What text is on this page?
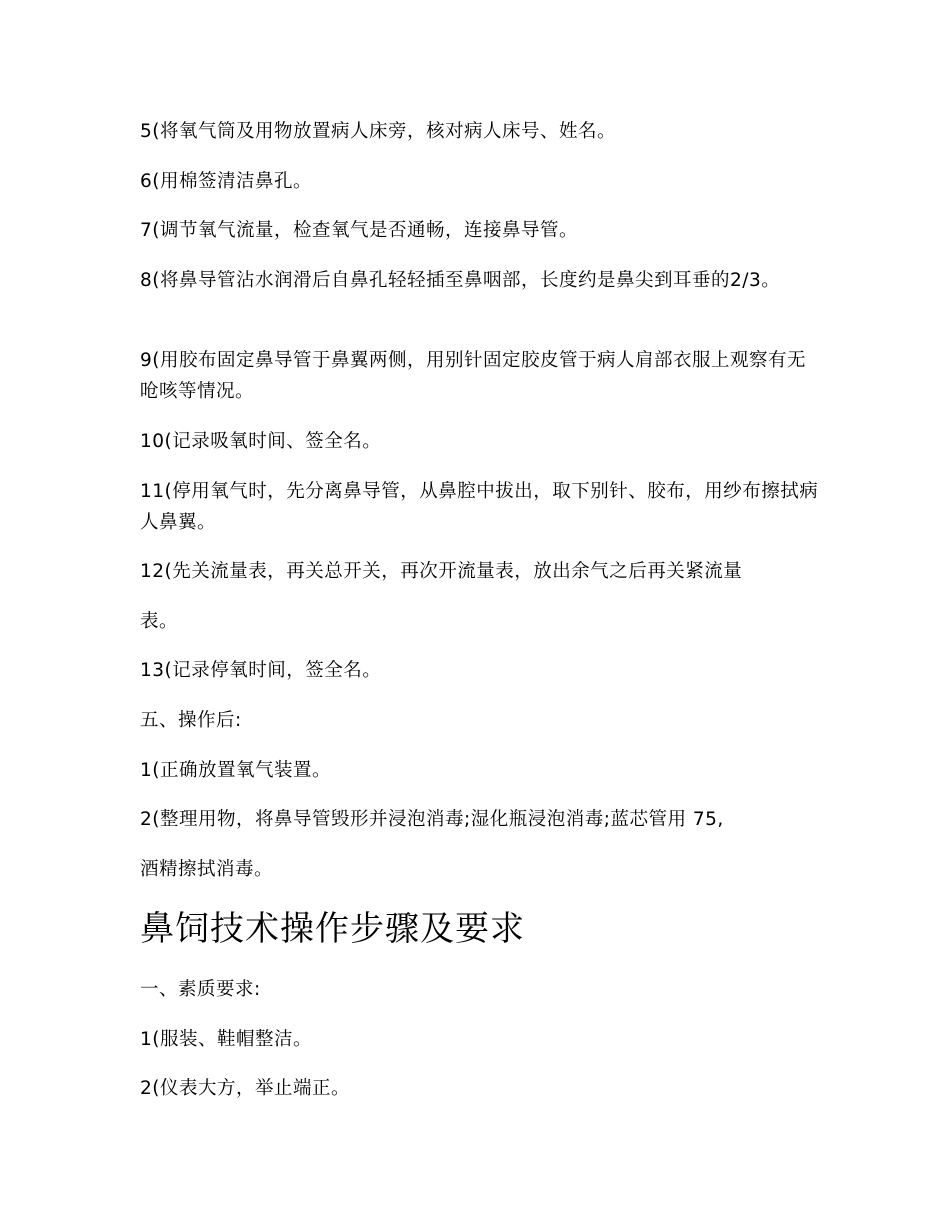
5(将氧气筒及用物放置病人床旁，核对病人床号、姓名。

6(用棉签清洁鼻孔。

7(调节氧气流量，检查氧气是否通畅，连接鼻导管。

8(将鼻导管沾水润滑后自鼻孔轻轻插至鼻咽部，长度约是鼻尖到耳垂的2/3。

9(用胶布固定鼻导管于鼻翼两侧，用别针固定胶皮管于病人肩部衣服上观察有无呛咳等情况。

10(记录吸氧时间、签全名。

11(停用氧气时，先分离鼻导管，从鼻腔中拔出，取下别针、胶布，用纱布擦拭病人鼻翼。

12(先关流量表，再关总开关，再次开流量表，放出余气之后再关紧流量

表。

13(记录停氧时间，签全名。

五、操作后:

1(正确放置氧气装置。

2(整理用物，将鼻导管毁形并浸泡消毒;湿化瓶浸泡消毒;蓝芯管用 75,

酒精擦拭消毒。

鼻饲技术操作步骤及要求

一、素质要求:

1(服装、鞋帽整洁。

2(仪表大方，举止端正。
